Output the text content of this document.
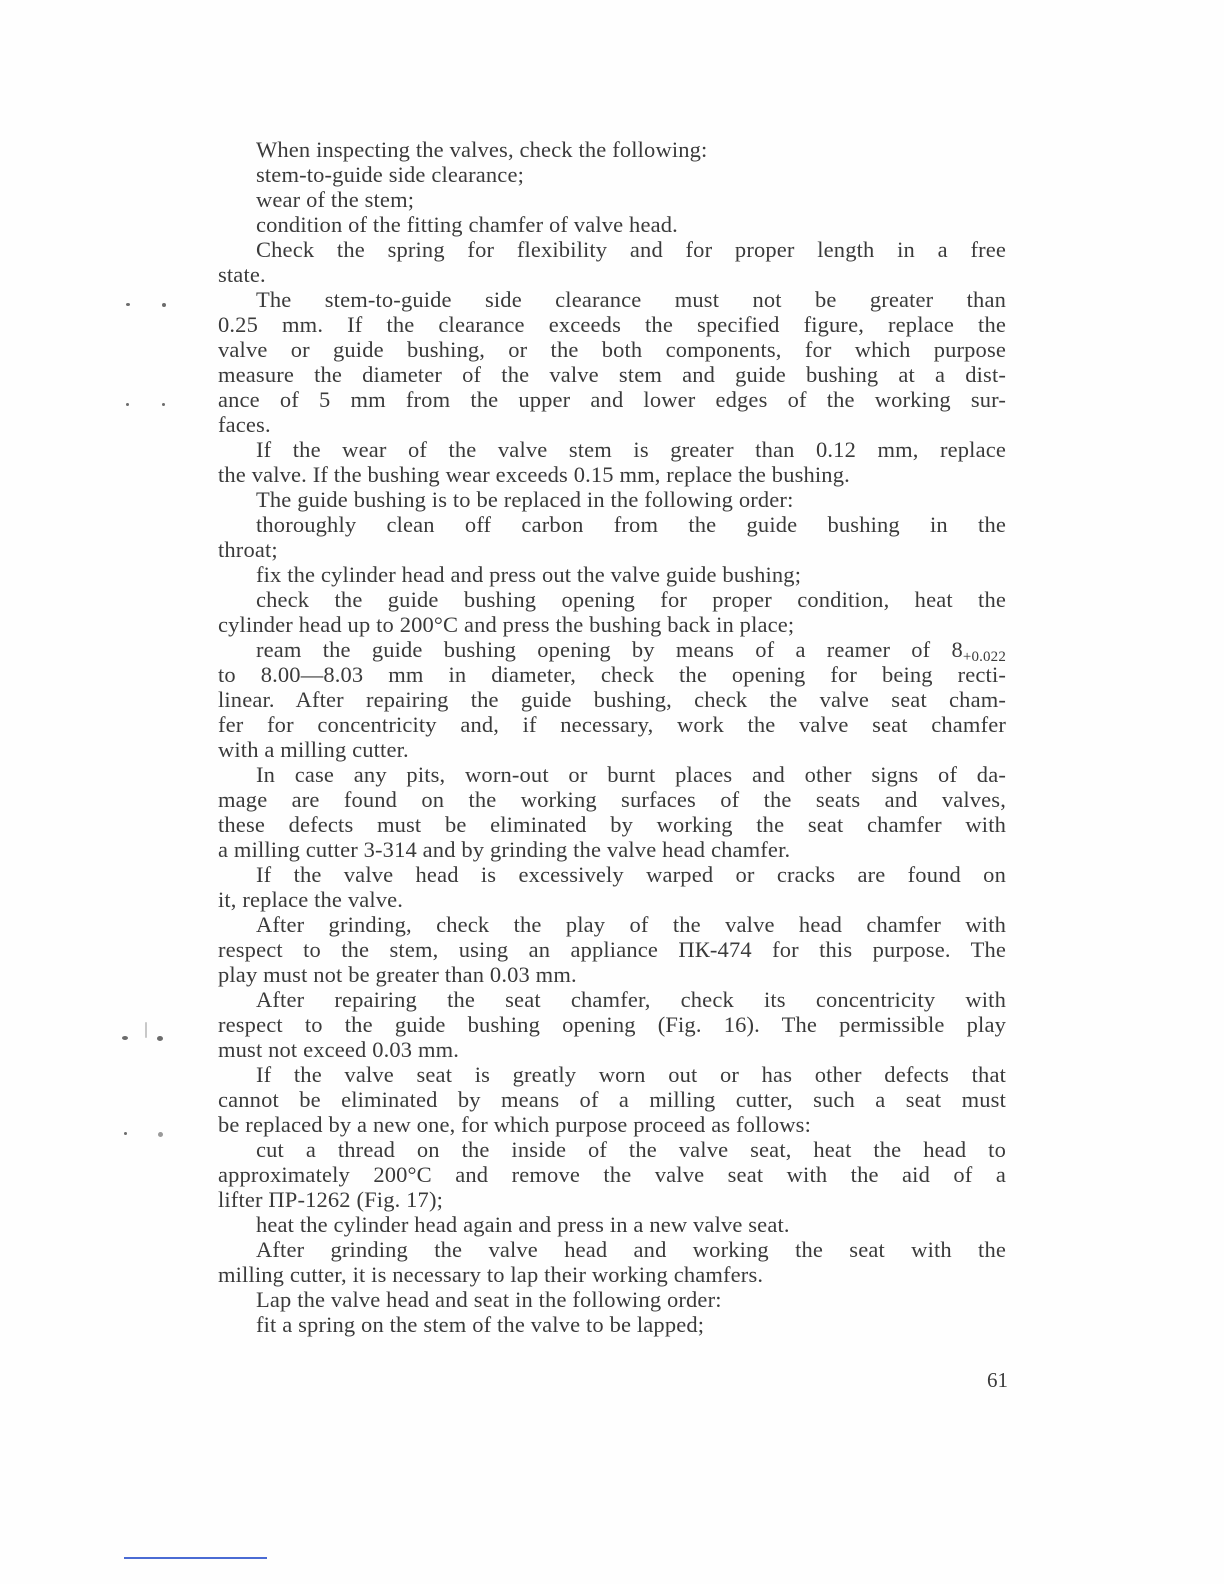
When inspecting the valves, check the following:
stem-to-guide side clearance;
wear of the stem;
condition of the fitting chamfer of valve head.
Check the spring for flexibility and for proper length in a free
state.
The stem-to-guide side clearance must not be greater than
0.25 mm. If the clearance exceeds the specified figure, replace the
valve or guide bushing, or the both components, for which purpose
measure the diameter of the valve stem and guide bushing at a dist-
ance of 5 mm from the upper and lower edges of the working sur-
faces.
If the wear of the valve stem is greater than 0.12 mm, replace
the valve. If the bushing wear exceeds 0.15 mm, replace the bushing.
The guide bushing is to be replaced in the following order:
thoroughly clean off carbon from the guide bushing in the
throat;
fix the cylinder head and press out the valve guide bushing;
check the guide bushing opening for proper condition, heat the
cylinder head up to 200°C and press the bushing back in place;
ream the guide bushing opening by means of a reamer of $8_{+0.022}$
to 8.00—8.03 mm in diameter, check the opening for being recti-
linear. After repairing the guide bushing, check the valve seat cham-
fer for concentricity and, if necessary, work the valve seat chamfer
with a milling cutter.
In case any pits, worn-out or burnt places and other signs of da-
mage are found on the working surfaces of the seats and valves,
these defects must be eliminated by working the seat chamfer with
a milling cutter 3-314 and by grinding the valve head chamfer.
If the valve head is excessively warped or cracks are found on
it, replace the valve.
After grinding, check the play of the valve head chamfer with
respect to the stem, using an appliance ПК-474 for this purpose. The
play must not be greater than 0.03 mm.
After repairing the seat chamfer, check its concentricity with
respect to the guide bushing opening (Fig. 16). The permissible play
must not exceed 0.03 mm.
If the valve seat is greatly worn out or has other defects that
cannot be eliminated by means of a milling cutter, such a seat must
be replaced by a new one, for which purpose proceed as follows:
cut a thread on the inside of the valve seat, heat the head to
approximately 200°C and remove the valve seat with the aid of a
lifter ПР-1262 (Fig. 17);
heat the cylinder head again and press in a new valve seat.
After grinding the valve head and working the seat with the
milling cutter, it is necessary to lap their working chamfers.
Lap the valve head and seat in the following order:
fit a spring on the stem of the valve to be lapped;
61
